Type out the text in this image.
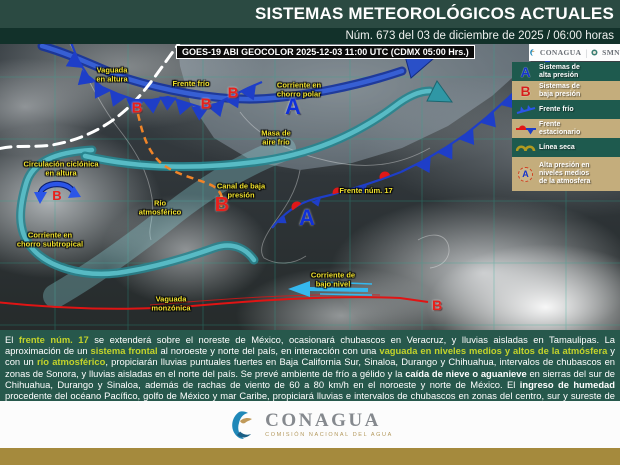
SISTEMAS METEOROLÓGICOS ACTUALES
Núm. 673 del 03 de diciembre de 2025 / 06:00 horas
B
GOES-19 ABI GEOCOLOR 2025-12-03 11:00 UTC (CDMX 05:00 Hrs.)	CONAGUA | SMN
A	Sistemas de
alta presión
B	Sistemas de
baja presión
Frente frío
Frente
estacionario
Línea seca
A
Alta presión en
niveles medios
de la atmosfera
Vaguada
en altura
Frente frío	Corriente en
chorro polar
Masa de
aire frío
Circulación ciclónica
en altura
Corriente en
chorro subtropical
Río
atmosférico
Canal de baja
presión	Frente núm. 17
Corriente de
bajo nivel
Vaguada
monzónica
A
A
B	B
B
B
B

El frente núm. 17 se extenderá sobre el noreste de México, ocasionará chubascos en Veracruz, y lluvias aisladas en Tamaulipas. La aproximación de un sistema frontal al noroeste y norte del país, en interacción con una vaguada en niveles medios y altos de la atmósfera y con un río atmosférico, propiciarán lluvias puntuales fuertes en Baja California Sur, Sinaloa, Durango y Chihuahua, intervalos de chubascos en zonas de Sonora, y lluvias aisladas en el norte del país. Se prevé ambiente de frío a gélido y la caída de nieve o aguanieve en sierras del sur de Chihuahua, Durango y Sinaloa, además de rachas de viento de 60 a 80 km/h en el noroeste y norte de México. El ingreso de humedad procedente del océano Pacífico, golfo de México y mar Caribe, propiciará lluvias e intervalos de chubascos en zonas del centro, sur y sureste de

CONAGUA
COMISIÓN NACIONAL DEL AGUA
